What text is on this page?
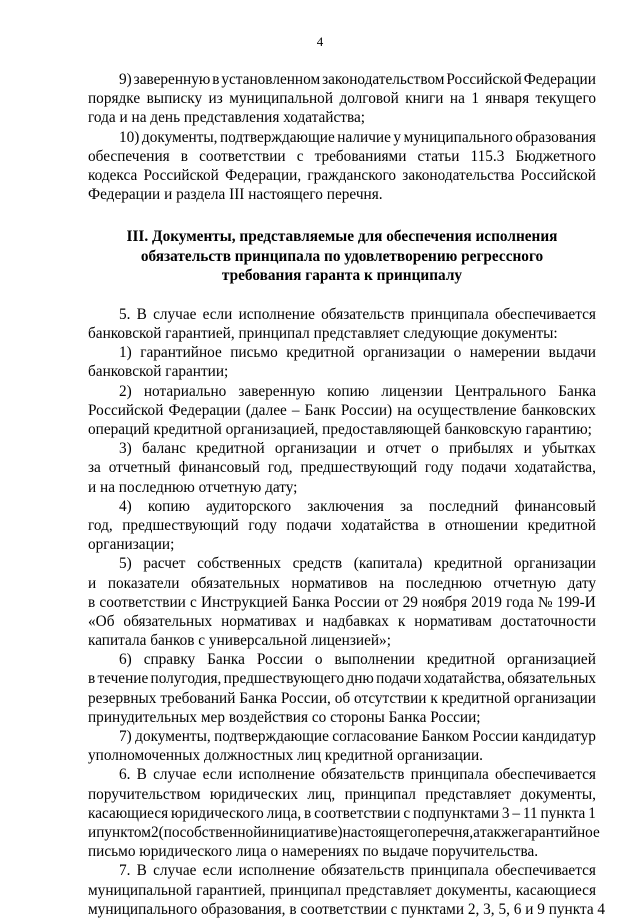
4
9) заверенную в установленном законодательством Российской Федерации
порядке выписку из муниципальной долговой книги на 1 января текущего
года и на день представления ходатайства;
10) документы, подтверждающие наличие у муниципального образования
обеспечения в соответствии с требованиями статьи 115.3 Бюджетного
кодекса Российской Федерации, гражданского законодательства Российской
Федерации и раздела III настоящего перечня.
III. Документы, представляемые для обеспечения исполнения
обязательств принципала по удовлетворению регрессного
требования гаранта к принципалу
5. В случае если исполнение обязательств принципала обеспечивается
банковской гарантией, принципал представляет следующие документы:
1) гарантийное письмо кредитной организации о намерении выдачи
банковской гарантии;
2) нотариально заверенную копию лицензии Центрального Банка
Российской Федерации (далее – Банк России) на осуществление банковских
операций кредитной организацией, предоставляющей банковскую гарантию;
3) баланс кредитной организации и отчет о прибылях и убытках
за отчетный финансовый год, предшествующий году подачи ходатайства,
и на последнюю отчетную дату;
4) копию аудиторского заключения за последний финансовый
год, предшествующий году подачи ходатайства в отношении кредитной
организации;
5) расчет собственных средств (капитала) кредитной организации
и показатели обязательных нормативов на последнюю отчетную дату
в соответствии с Инструкцией Банка России от 29 ноября 2019 года № 199-И
«Об обязательных нормативах и надбавках к нормативам достаточности
капитала банков с универсальной лицензией»;
6) справку Банка России о выполнении кредитной организацией
в течение полугодия, предшествующего дню подачи ходатайства, обязательных
резервных требований Банка России, об отсутствии к кредитной организации
принудительных мер воздействия со стороны Банка России;
7) документы, подтверждающие согласование Банком России кандидатур
уполномоченных должностных лиц кредитной организации.
6. В случае если исполнение обязательств принципала обеспечивается
поручительством юридических лиц, принципал представляет документы,
касающиеся юридического лица, в соответствии с подпунктами 3 – 11 пункта 1
и пунктом 2 (по собственной инициативе) настоящего перечня, а также гарантийное
письмо юридического лица о намерениях по выдаче поручительства.
7. В случае если исполнение обязательств принципала обеспечивается
муниципальной гарантией, принципал представляет документы, касающиеся
муниципального образования, в соответствии с пунктами 2, 3, 5, 6 и 9 пункта 4
